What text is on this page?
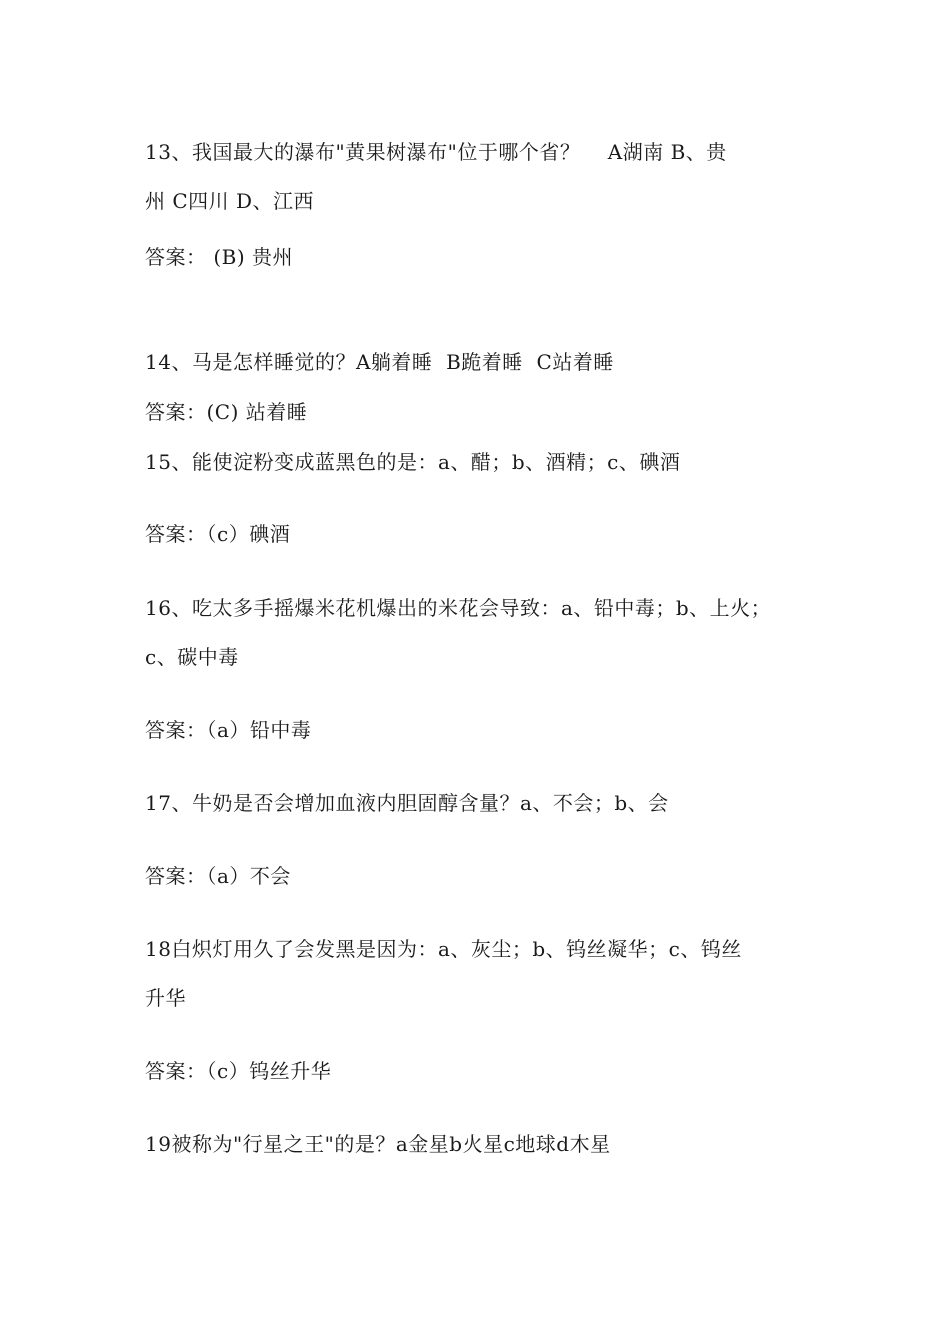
13、我国最大的瀑布"黄果树瀑布"位于哪个省？    A湖南 B、贵
州 C四川 D、江西
答案： (B) 贵州
14、马是怎样睡觉的？A躺着睡  B跪着睡  C站着睡
答案：(C) 站着睡
15、能使淀粉变成蓝黑色的是：a、醋；b、酒精；c、碘酒
答案：（c）碘酒
16、吃太多手摇爆米花机爆出的米花会导致：a、铅中毒；b、上火；
c、碳中毒
答案：（a）铅中毒
17、牛奶是否会增加血液内胆固醇含量？a、不会；b、会
答案：（a）不会
18白炽灯用久了会发黑是因为：a、灰尘；b、钨丝凝华；c、钨丝
升华
答案：（c）钨丝升华
19被称为"行星之王"的是？a金星b火星c地球d木星
